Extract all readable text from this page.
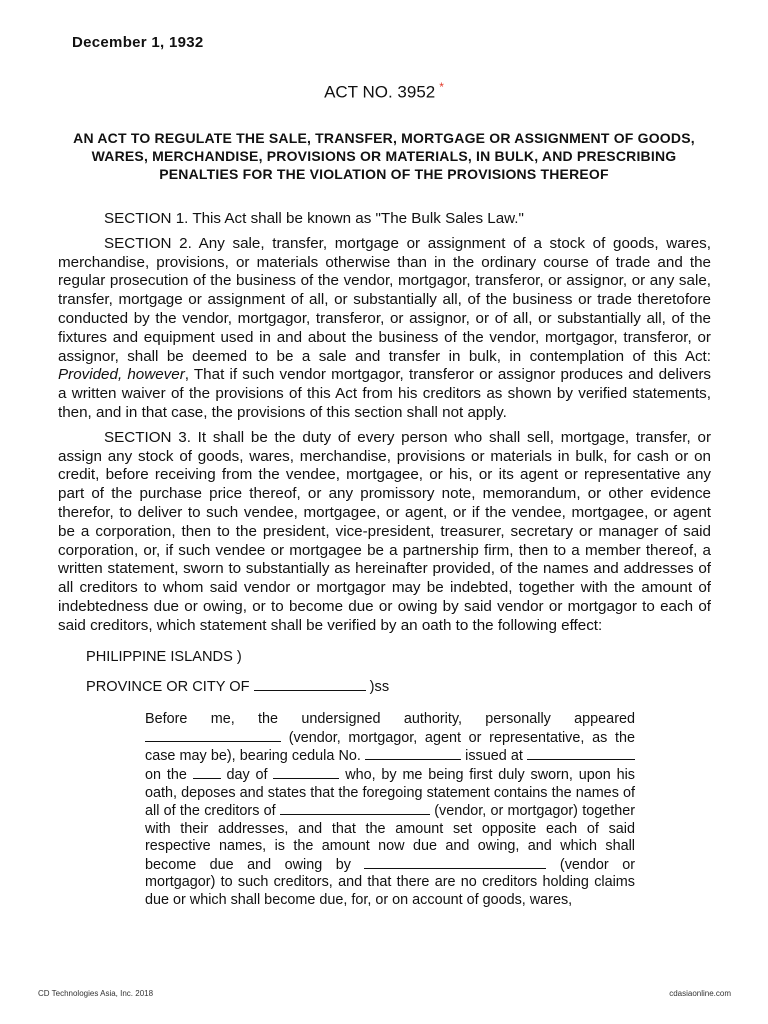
December 1, 1932
ACT NO. 3952 *
AN ACT TO REGULATE THE SALE, TRANSFER, MORTGAGE OR ASSIGNMENT OF GOODS, WARES, MERCHANDISE, PROVISIONS OR MATERIALS, IN BULK, AND PRESCRIBING PENALTIES FOR THE VIOLATION OF THE PROVISIONS THEREOF

SECTION 1. This Act shall be known as "The Bulk Sales Law."

SECTION 2. Any sale, transfer, mortgage or assignment of a stock of goods, wares, merchandise, provisions, or materials otherwise than in the ordinary course of trade and the regular prosecution of the business of the vendor, mortgagor, transferor, or assignor, or any sale, transfer, mortgage or assignment of all, or substantially all, of the business or trade theretofore conducted by the vendor, mortgagor, transferor, or assignor, or of all, or substantially all, of the fixtures and equipment used in and about the business of the vendor, mortgagor, transferor, or assignor, shall be deemed to be a sale and transfer in bulk, in contemplation of this Act: Provided, however, That if such vendor mortgagor, transferor or assignor produces and delivers a written waiver of the provisions of this Act from his creditors as shown by verified statements, then, and in that case, the provisions of this section shall not apply.

SECTION 3. It shall be the duty of every person who shall sell, mortgage, transfer, or assign any stock of goods, wares, merchandise, provisions or materials in bulk, for cash or on credit, before receiving from the vendee, mortgagee, or his, or its agent or representative any part of the purchase price thereof, or any promissory note, memorandum, or other evidence therefor, to deliver to such vendee, mortgagee, or agent, or if the vendee, mortgagee, or agent be a corporation, then to the president, vice-president, treasurer, secretary or manager of said corporation, or, if such vendee or mortgagee be a partnership firm, then to a member thereof, a written statement, sworn to substantially as hereinafter provided, of the names and addresses of all creditors to whom said vendor or mortgagor may be indebted, together with the amount of indebtedness due or owing, or to become due or owing by said vendor or mortgagor to each of said creditors, which statement shall be verified by an oath to the following effect:

PHILIPPINE ISLANDS )
PROVINCE OR CITY OF	)ss
Before me, the undersigned authority, personally appeared  (vendor, mortgagor, agent or representative, as the case may be), bearing cedula No.	issued at  on the	day of	who, by me being first duly sworn, upon his oath, deposes and states that the foregoing statement contains the names of all of the creditors of	(vendor, or mortgagor) together with their addresses, and that the amount set opposite each of said respective names, is the amount now due and owing, and which shall become due and owing by	(vendor or mortgagor) to such creditors, and that there are no creditors holding claims due or which shall become due, for, or on account of goods, wares,
CD Technologies Asia, Inc. 2018	cdasiaonline.com
